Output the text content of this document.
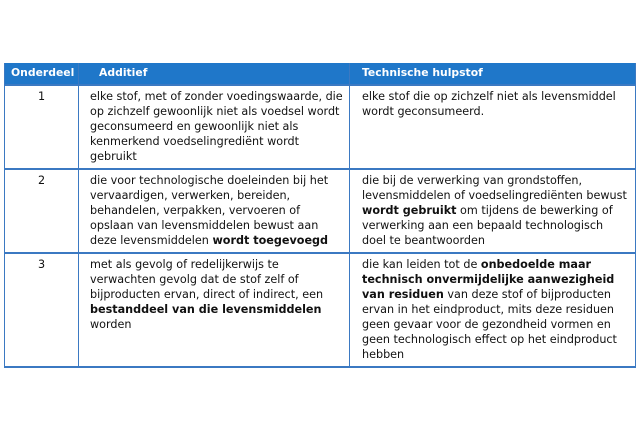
Onderdeel	Additief	Technische hulpstof
1	elke stof, met of zonder voedingswaarde, die op zichzelf gewoonlijk niet als voedsel wordt geconsumeerd en gewoonlijk niet als kenmerkend voedselingrediënt wordt gebruikt	elke stof die op zichzelf niet als levensmiddel wordt geconsumeerd.
2	die voor technologische doeleinden bij het vervaardigen, verwerken, bereiden, behandelen, verpakken, vervoeren of opslaan van levensmiddelen bewust aan deze levensmiddelen wordt toegevoegd	die bij de verwerking van grondstoffen, levensmiddelen of voedselingrediënten bewust wordt gebruikt om tijdens de bewerking of verwerking aan een bepaald technologisch doel te beantwoorden
3	met als gevolg of redelijkerwijs te verwachten gevolg dat de stof zelf of bijproducten ervan, direct of indirect, een bestanddeel van die levensmiddelen worden	die kan leiden tot de onbedoelde maar technisch onvermijdelijke aanwezigheid van residuen van deze stof of bijproducten ervan in het eindproduct, mits deze residuen geen gevaar voor de gezondheid vormen en geen technologisch effect op het eindproduct hebben
